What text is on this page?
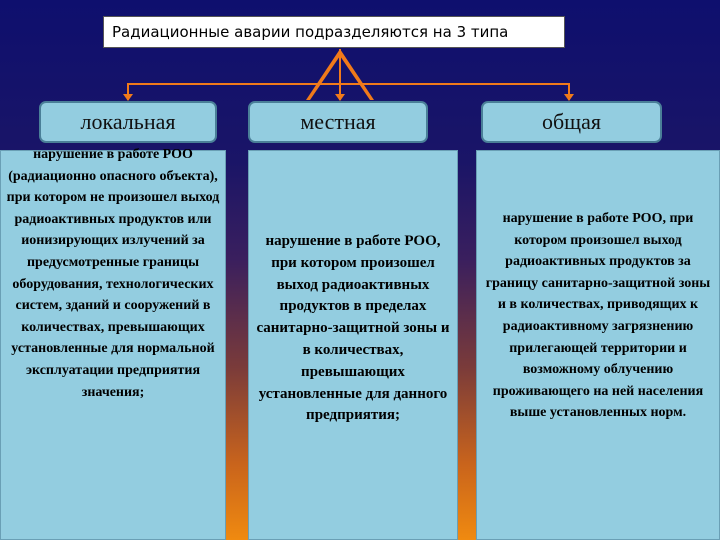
Радиационные аварии подразделяются на 3 типа
локальная	местная	общая
нарушение в работе РОО (радиационно опасного объекта), при котором не произошел выход радиоактивных продуктов или ионизирующих излучений за предусмотренные границы оборудования, технологических систем, зданий и сооружений в количествах, превышающих установленные для нормальной эксплуатации предприятия значения;
нарушение в работе РОО, при котором произошел выход радиоактивных продуктов в пределах санитарно-защитной зоны и в количествах, превышающих установленные для данного предприятия;
нарушение в работе РОО, при котором произошел выход радиоактивных продуктов за границу санитарно-защитной зоны и в количествах, приводящих к радиоактивному загрязнению прилегающей территории и возможному облучению проживающего на ней населения выше установленных норм.
